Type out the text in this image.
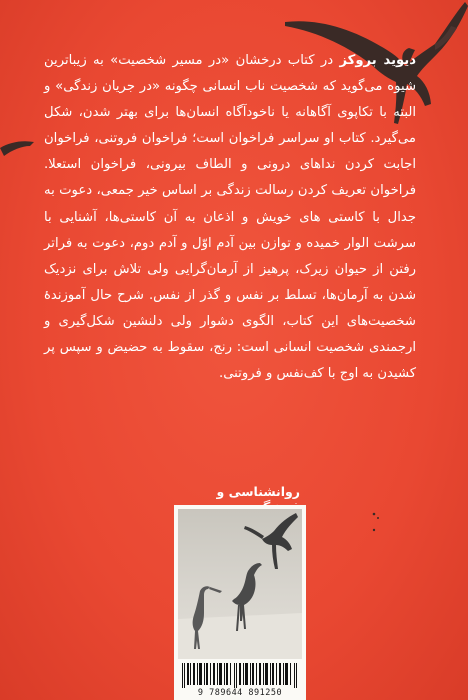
دیوید بروکز در کتاب درخشان «در مسیر شخصیت» به زیباترین شیوه می‌گوید که شخصیت ناب انسانی چگونه «در جریان زندگی» و البته با تکاپوی آگاهانه یا ناخودآگاه انسان‌ها برای بهتر شدن، شکل می‌گیرد. کتاب او سراسر فراخوان است؛ فراخوان فروتنی، فراخوان اجابت کردن نداهای درونی و الطاف بیرونی، فراخوان استعلا. فراخوان تعریف کردن رسالت زندگی بر اساس خیر جمعی، دعوت به جدال با کاستی های خویش و اذعان به آن کاستی‌ها، آشنایی با سرشت الوار خمیده و توازن بین آدم اوّل و آدم دوم، دعوت به فراتر رفتن از حیوان زیرک، پرهیز از آرمان‌گرایی ولی تلاش برای نزدیک شدن به آرمان‌ها، تسلط بر نفس و گذر از نفس. شرح حال آموزندهٔ شخصیت‌های این کتاب، الگوی دشوار ولی دلنشین شکل‌گیری و ارجمندی شخصیت انسانی است: رنج، سقوط به حضیض و سپس پر کشیدن به اوج با کف‌نفس و فروتنی.
روانشناسی و
9 789644 891250
